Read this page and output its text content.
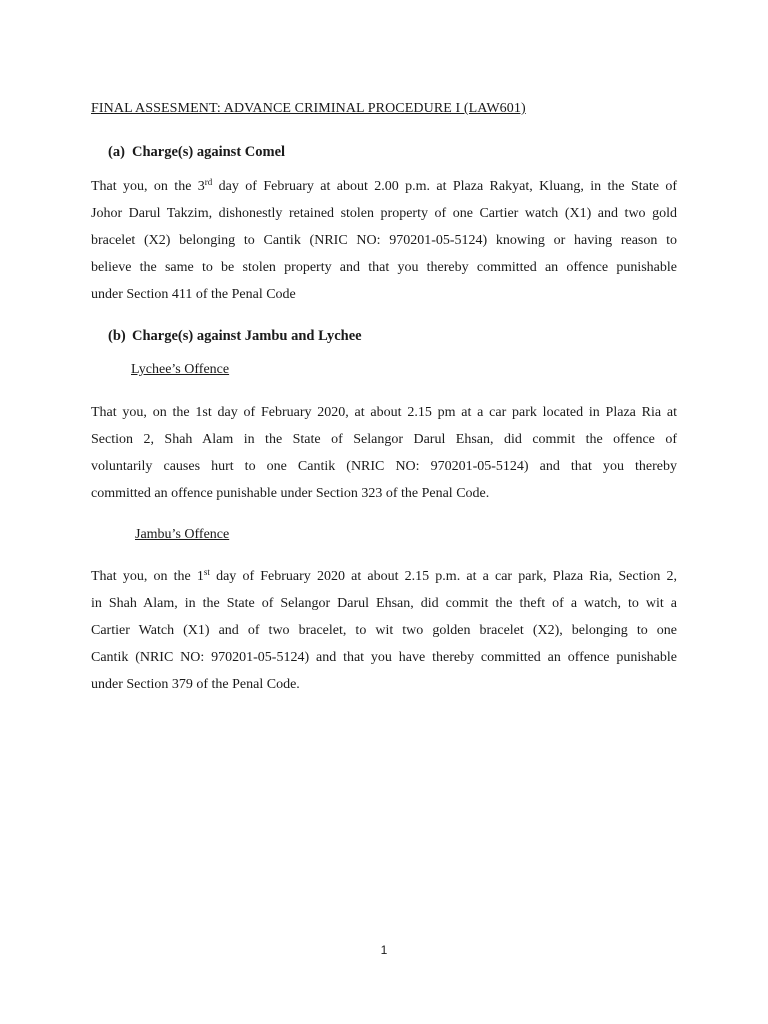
FINAL ASSESMENT: ADVANCE CRIMINAL PROCEDURE I (LAW601)
(a) Charge(s) against Comel
That you, on the 3rd day of February at about 2.00 p.m. at Plaza Rakyat, Kluang, in the State of
Johor Darul Takzim, dishonestly retained stolen property of one Cartier watch (X1) and two gold
bracelet (X2) belonging to Cantik (NRIC NO: 970201-05-5124) knowing or having reason to
believe the same to be stolen property and that you thereby committed an offence punishable
under Section 411 of the Penal Code
(b) Charge(s) against Jambu and Lychee
Lychee’s Offence
That you, on the 1st day of February 2020, at about 2.15 pm at a car park located in Plaza Ria at
Section 2, Shah Alam in the State of Selangor Darul Ehsan, did commit the offence of
voluntarily causes hurt to one Cantik (NRIC NO: 970201-05-5124) and that you thereby
committed an offence punishable under Section 323 of the Penal Code.
Jambu’s Offence
That you, on the 1st day of February 2020 at about 2.15 p.m. at a car park, Plaza Ria, Section 2,
in Shah Alam, in the State of Selangor Darul Ehsan, did commit the theft of a watch, to wit a
Cartier Watch (X1) and of two bracelet, to wit two golden bracelet (X2), belonging to one
Cantik (NRIC NO: 970201-05-5124) and that you have thereby committed an offence punishable
under Section 379 of the Penal Code.
1
